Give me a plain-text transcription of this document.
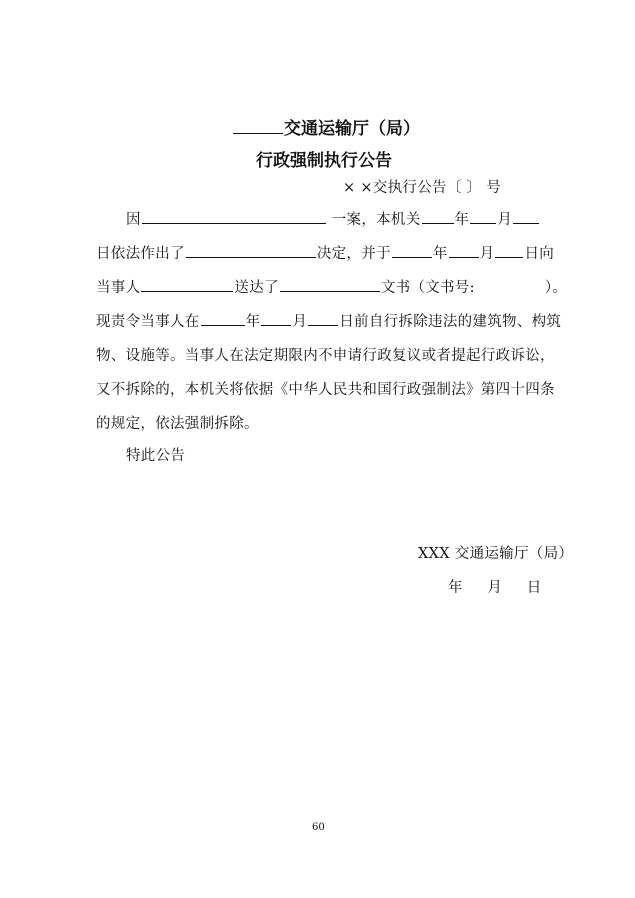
交通运输厅（局）
行政强制执行公告
× ×交执行公告〔 〕 号
因	一案，本机关 年 月
日依法作出了	决定，并于	年 月 日向
当事人	送达了	文书（文书号:	）。
现责令当事人在	年 月 日前自行拆除违法的建筑物、构筑
物、设施等。当事人在法定期限内不申请行政复议或者提起行政诉讼，
又不拆除的，本机关将依据《中华人民共和国行政强制法》第四十四条
的规定，依法强制拆除。
特此公告
XXX 交通运输厅（局）
年     月     日
60
